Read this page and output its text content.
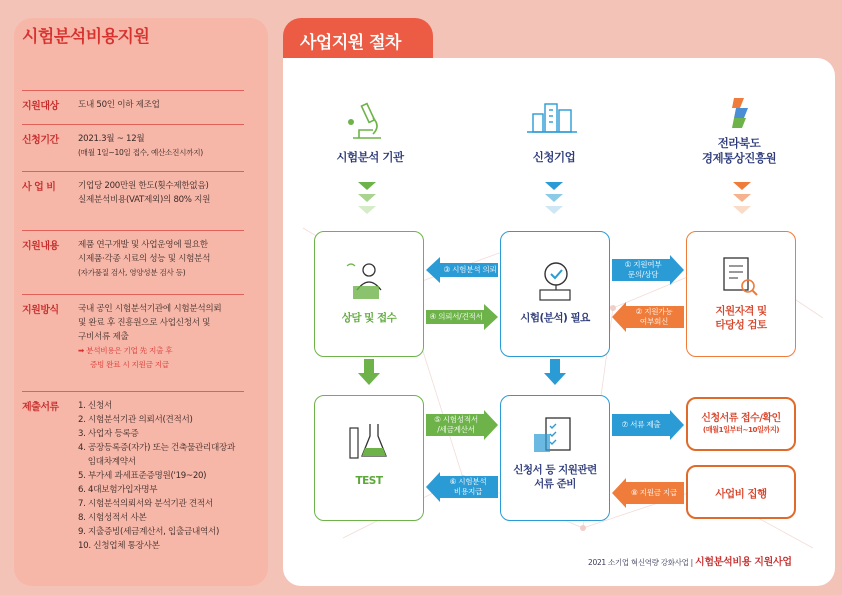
시험분석비용지원
지원대상	도내 50인 이하 제조업
신청기간	2021.3월 ~ 12월
(매월 1일~10일 접수, 예산소진시까지)
사 업 비	기업당 200만원 한도(횟수제한없음)
실제분석비용(VAT제외)의 80% 지원
지원내용	제품 연구개발 및 사업운영에 필요한
시제품·각종 시료의 성능 및 시험분석
(자가품질 검사, 영양성분 검사 등)
지원방식	국내 공인 시험분석기관에 시험분석의뢰
및 완료 후 진흥원으로 사업신청서 및
구비서류 제출
➡ 분석비용은 기업 先 지출 후
증빙 완료 시 지원금 지급
제출서류	1. 신청서
2. 시험분석기관 의뢰서(견적서)
3. 사업자 등록증
4. 공장등록증(자가) 또는 건축물관리대장과
임대차계약서
5. 부가세 과세표준증명원('19~20)
6. 4대보험가입자명부
7. 시험분석의뢰서와 분석기관 견적서
8. 시험성적서 사본
9. 지출증빙(세금계산서, 입출금내역서)
10. 신청업체 통장사본
사업지원 절차
시험분석 기관	신청기업
전라북도
경제통상진흥원
상담 및 접수	시험(분석) 필요
지원자격 및
타당성 검토
③ 시험분석 의뢰
④ 의뢰서/견적서
① 지원여부
문의/상담
② 지원가능
여부회신
TEST
신청서 등 지원관련
서류 준비
⑤ 시험성적서
/세금계산서
⑥ 시험분석
비용지급
⑦ 서류 제출
⑧ 지원금 지급
신청서류 접수/확인
(매월1일부터~10일까지)
사업비 집행
2021 소기업 혁신역량 강화사업 | 시험분석비용 지원사업
